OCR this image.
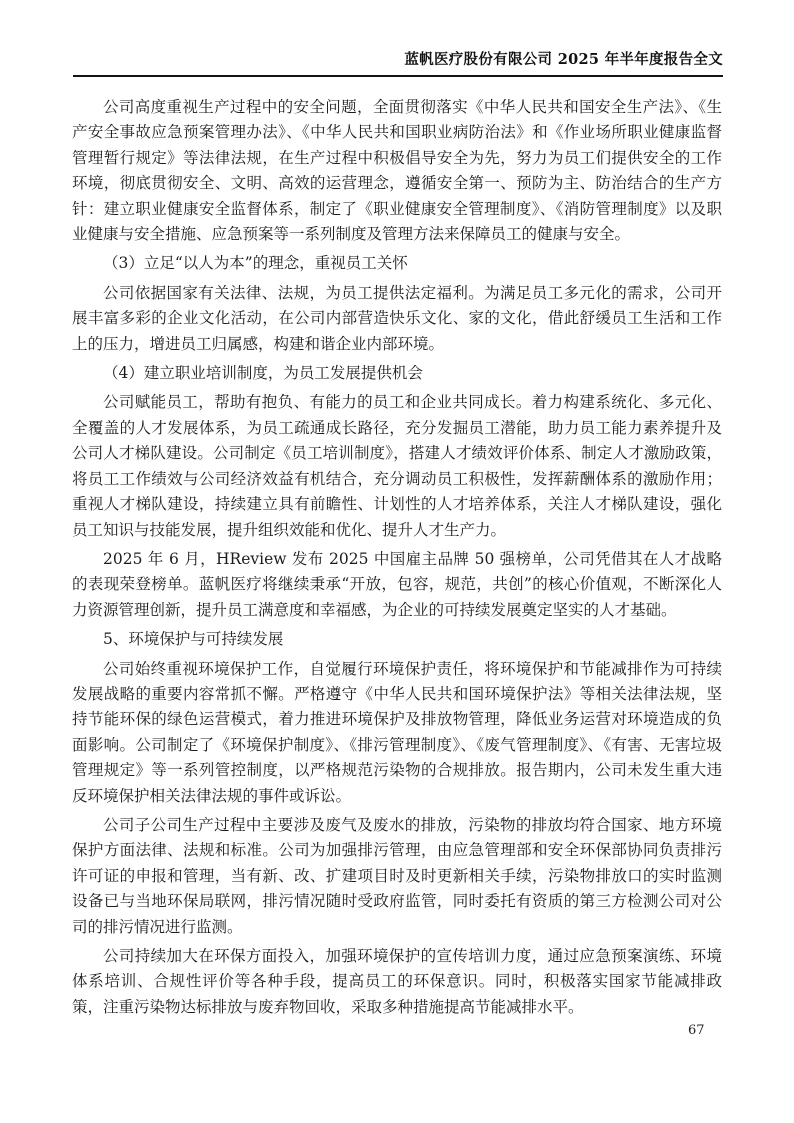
蓝帆医疗股份有限公司 2025 年半年度报告全文

公司高度重视生产过程中的安全问题，全面贯彻落实《中华人民共和国安全生产法》、《生产安全事故应急预案管理办法》、《中华人民共和国职业病防治法》和《作业场所职业健康监督管理暂行规定》等法律法规，在生产过程中积极倡导安全为先，努力为员工们提供安全的工作环境，彻底贯彻安全、文明、高效的运营理念，遵循安全第一、预防为主、防治结合的生产方针：建立职业健康安全监督体系，制定了《职业健康安全管理制度》、《消防管理制度》以及职业健康与安全措施、应急预案等一系列制度及管理方法来保障员工的健康与安全。

（3）立足“以人为本”的理念，重视员工关怀

公司依据国家有关法律、法规，为员工提供法定福利。为满足员工多元化的需求，公司开展丰富多彩的企业文化活动，在公司内部营造快乐文化、家的文化，借此舒缓员工生活和工作上的压力，增进员工归属感，构建和谐企业内部环境。

（4）建立职业培训制度，为员工发展提供机会

公司赋能员工，帮助有抱负、有能力的员工和企业共同成长。着力构建系统化、多元化、全覆盖的人才发展体系，为员工疏通成长路径，充分发掘员工潜能，助力员工能力素养提升及公司人才梯队建设。公司制定《员工培训制度》，搭建人才绩效评价体系、制定人才激励政策，将员工工作绩效与公司经济效益有机结合，充分调动员工积极性，发挥薪酬体系的激励作用；重视人才梯队建设，持续建立具有前瞻性、计划性的人才培养体系，关注人才梯队建设，强化员工知识与技能发展，提升组织效能和优化、提升人才生产力。

2025 年 6 月，HReview 发布 2025 中国雇主品牌 50 强榜单，公司凭借其在人才战略的表现荣登榜单。蓝帆医疗将继续秉承“开放，包容，规范，共创”的核心价值观，不断深化人力资源管理创新，提升员工满意度和幸福感，为企业的可持续发展奠定坚实的人才基础。

5、环境保护与可持续发展

公司始终重视环境保护工作，自觉履行环境保护责任，将环境保护和节能减排作为可持续发展战略的重要内容常抓不懈。严格遵守《中华人民共和国环境保护法》等相关法律法规，坚持节能环保的绿色运营模式，着力推进环境保护及排放物管理，降低业务运营对环境造成的负面影响。公司制定了《环境保护制度》、《排污管理制度》、《废气管理制度》、《有害、无害垃圾管理规定》等一系列管控制度，以严格规范污染物的合规排放。报告期内，公司未发生重大违反环境保护相关法律法规的事件或诉讼。

公司子公司生产过程中主要涉及废气及废水的排放，污染物的排放均符合国家、地方环境保护方面法律、法规和标准。公司为加强排污管理，由应急管理部和安全环保部协同负责排污许可证的申报和管理，当有新、改、扩建项目时及时更新相关手续，污染物排放口的实时监测设备已与当地环保局联网，排污情况随时受政府监管，同时委托有资质的第三方检测公司对公司的排污情况进行监测。

公司持续加大在环保方面投入，加强环境保护的宣传培训力度，通过应急预案演练、环境体系培训、合规性评价等各种手段，提高员工的环保意识。同时，积极落实国家节能减排政策，注重污染物达标排放与废弃物回收，采取多种措施提高节能减排水平。

67
